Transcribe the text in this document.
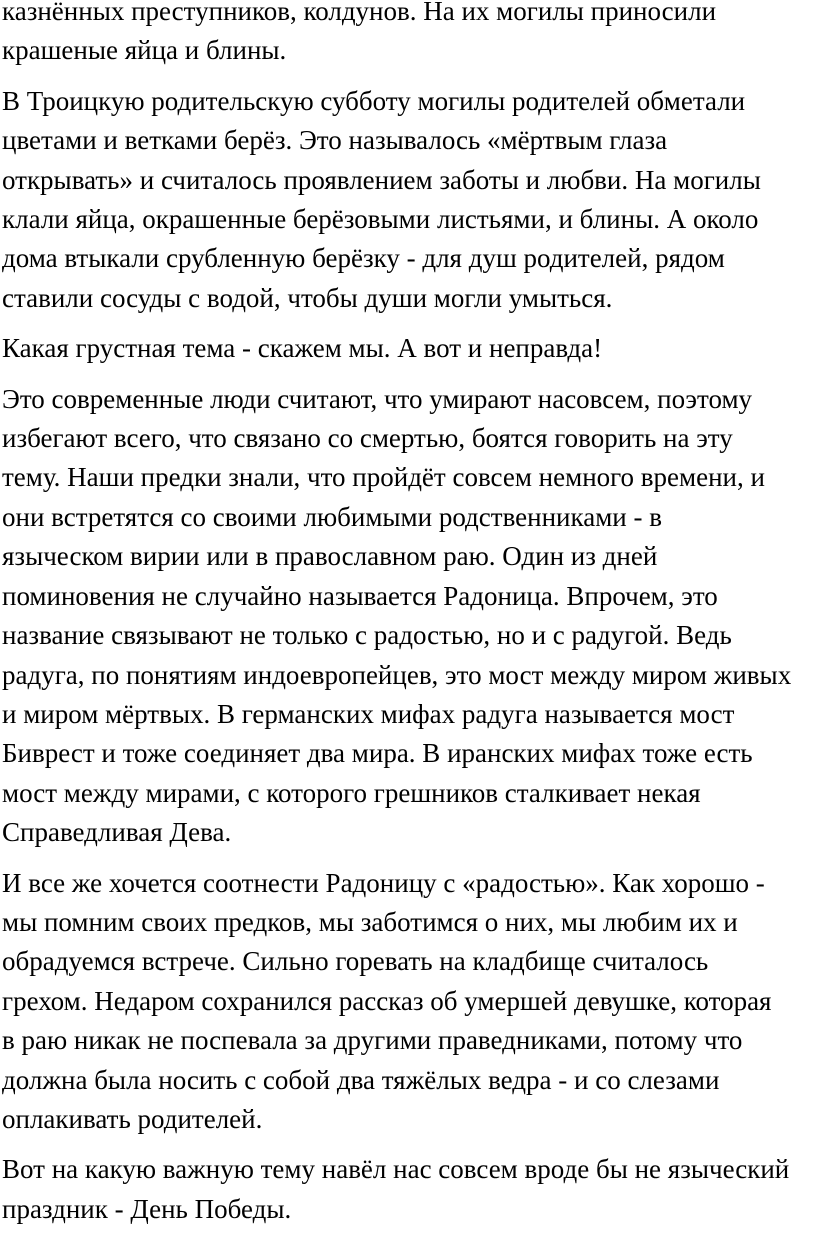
казнённых преступников, колдунов. На их могилы приносили
крашеные яйца и блины.

В Троицкую родительскую субботу могилы родителей обметали
цветами и ветками берёз. Это называлось «мёртвым глаза
открывать» и считалось проявлением заботы и любви. На могилы
клали яйца, окрашенные берёзовыми листьями, и блины. А около
дома втыкали срубленную берёзку - для душ родителей, рядом
ставили сосуды с водой, чтобы души могли умыться.

Какая грустная тема - скажем мы. А вот и неправда!

Это современные люди считают, что умирают насовсем, поэтому
избегают всего, что связано со смертью, боятся говорить на эту
тему. Наши предки знали, что пройдёт совсем немного времени, и
они встретятся со своими любимыми родственниками - в
языческом вирии или в православном раю. Один из дней
поминовения не случайно называется Радоница. Впрочем, это
название связывают не только с радостью, но и с радугой. Ведь
радуга, по понятиям индоевропейцев, это мост между миром живых
и миром мёртвых. В германских мифах радуга называется мост
Биврест и тоже соединяет два мира. В иранских мифах тоже есть
мост между мирами, с которого грешников сталкивает некая
Справедливая Дева.

И все же хочется соотнести Радоницу с «радостью». Как хорошо -
мы помним своих предков, мы заботимся о них, мы любим их и
обрадуемся встрече. Сильно горевать на кладбище считалось
грехом. Недаром сохранился рассказ об умершей девушке, которая
в раю никак не поспевала за другими праведниками, потому что
должна была носить с собой два тяжёлых ведра - и со слезами
оплакивать родителей.

Вот на какую важную тему навёл нас совсем вроде бы не языческий
праздник - День Победы.
